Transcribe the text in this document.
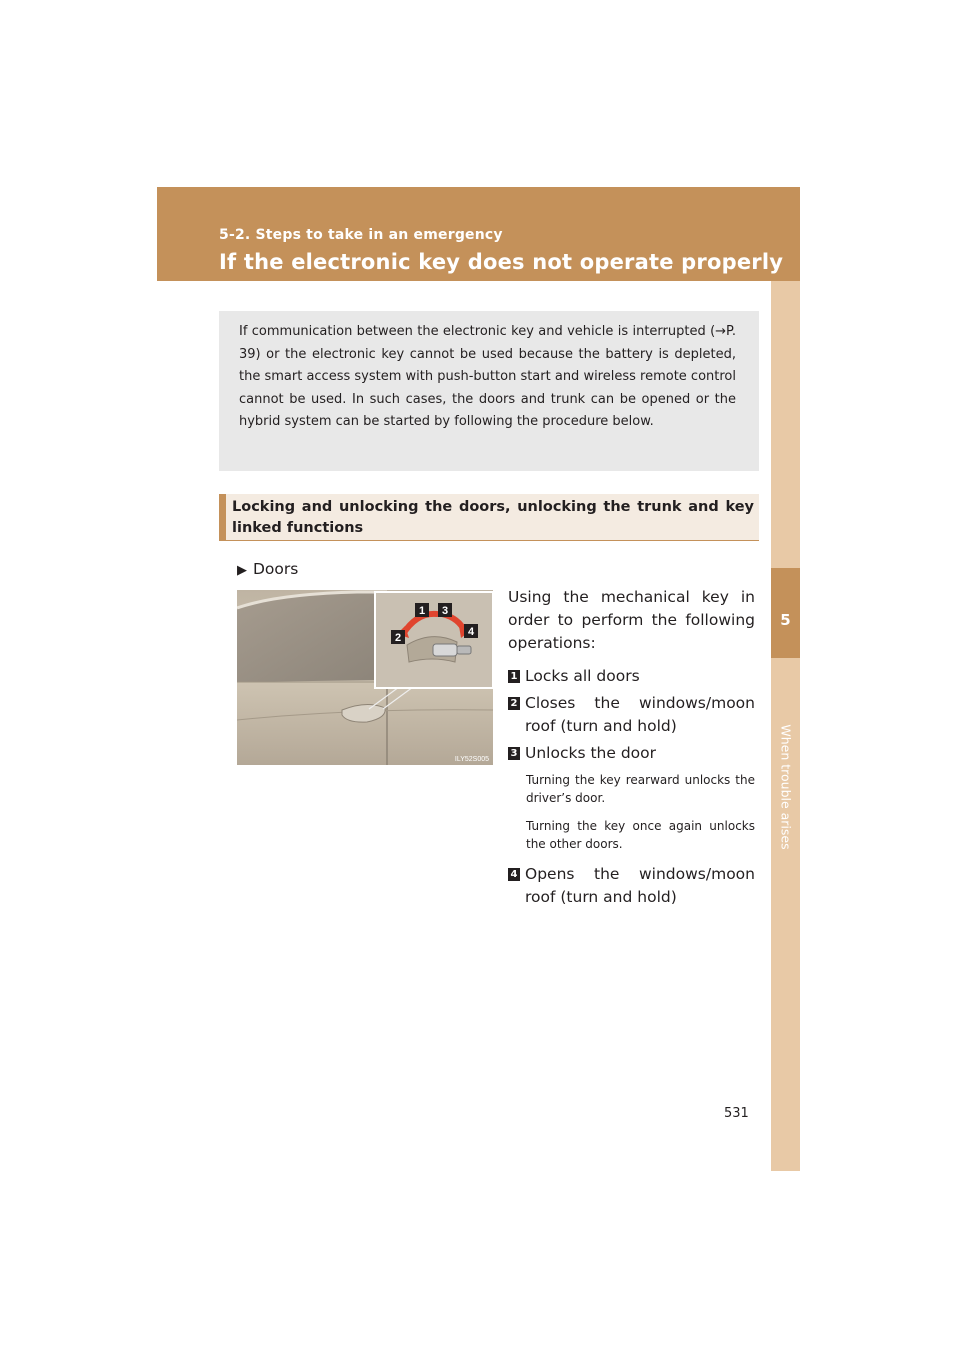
5-2. Steps to take in an emergency
If the electronic key does not operate properly
5
When trouble arises
If communication between the electronic key and vehicle is interrupted (→P. 39) or the electronic key cannot be used because the battery is depleted, the smart access system with push-button start and wireless remote control cannot be used. In such cases, the doors and trunk can be opened or the hybrid system can be started by following the procedure below.
Locking and unlocking the doors, unlocking the trunk and key linked functions
▶ Doors
1 3
2	4
ILY52S005

Using the mechanical key in order to perform the following operations:

1 Locks all doors
2 Closes the windows/moon roof (turn and hold)
3 Unlocks the door
Turning the key rearward unlocks the driver’s door.
Turning the key once again unlocks the other doors.
4 Opens the windows/moon roof (turn and hold)
531
